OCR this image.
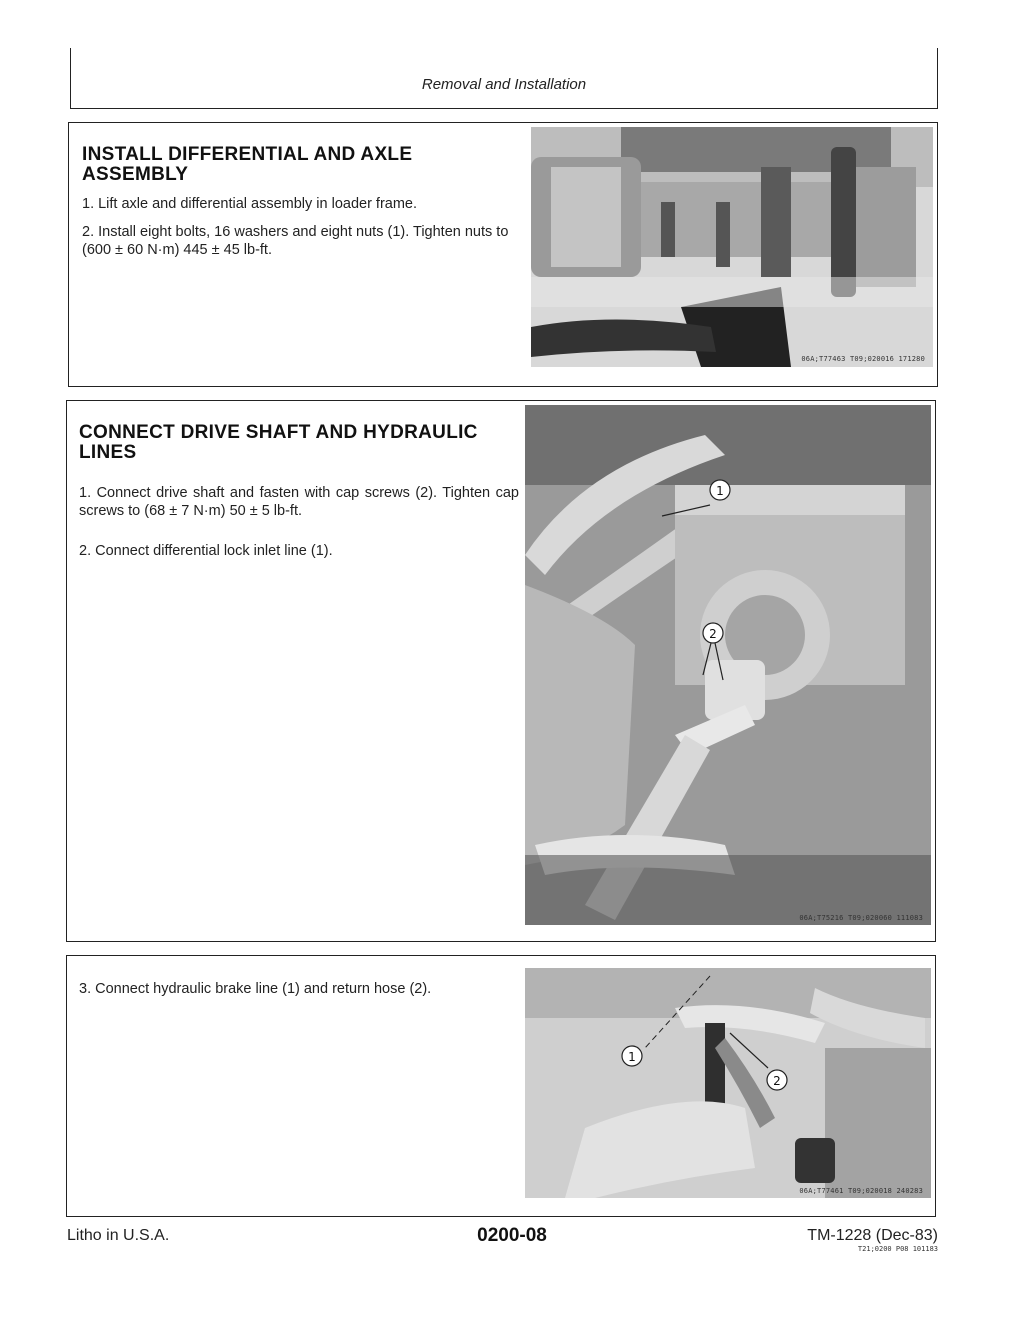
Removal and Installation
INSTALL DIFFERENTIAL AND AXLE ASSEMBLY

1. Lift axle and differential assembly in loader frame.

2. Install eight bolts, 16 washers and eight nuts (1). Tighten nuts to (600 ± 60 N·m) 445 ± 45 lb-ft.

06A;T77463 T09;020016 171280
CONNECT DRIVE SHAFT AND HYDRAULIC LINES

1. Connect drive shaft and fasten with cap screws (2). Tighten cap screws to (68 ± 7 N·m) 50 ± 5 lb-ft.

2. Connect differential lock inlet line (1).

1
2
06A;T75216 T09;020060 111083

3. Connect hydraulic brake line (1) and return hose (2).

1
2
06A;T77461 T09;020018 240283
Litho in U.S.A.	0200-08	TM-1228 (Dec-83)
T21;0200 P08 101183
